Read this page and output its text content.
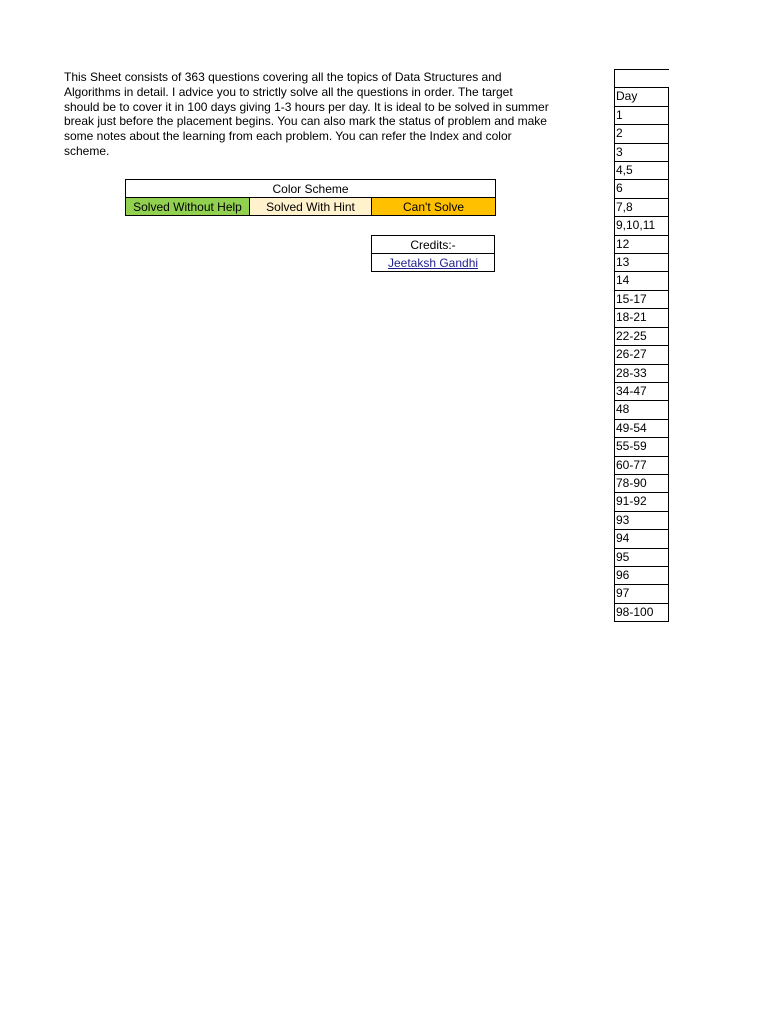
This Sheet consists of 363 questions covering all the topics of Data Structures and Algorithms in detail. I advice you to strictly solve all the questions in order. The target should be to cover it in 100 days giving 1-3 hours per day. It is ideal to be solved in summer break just before the placement begins. You can also mark the status of problem and make some notes about the learning from each problem. You can refer the Index and color scheme.

Color Scheme
Solved Without Help	Solved With Hint	Can't Solve
Credits:-
Jeetaksh Gandhi

Day
1
2
3
4,5
6
7,8
9,10,11
12
13
14
15-17
18-21
22-25
26-27
28-33
34-47
48
49-54
55-59
60-77
78-90
91-92
93
94
95
96
97
98-100
